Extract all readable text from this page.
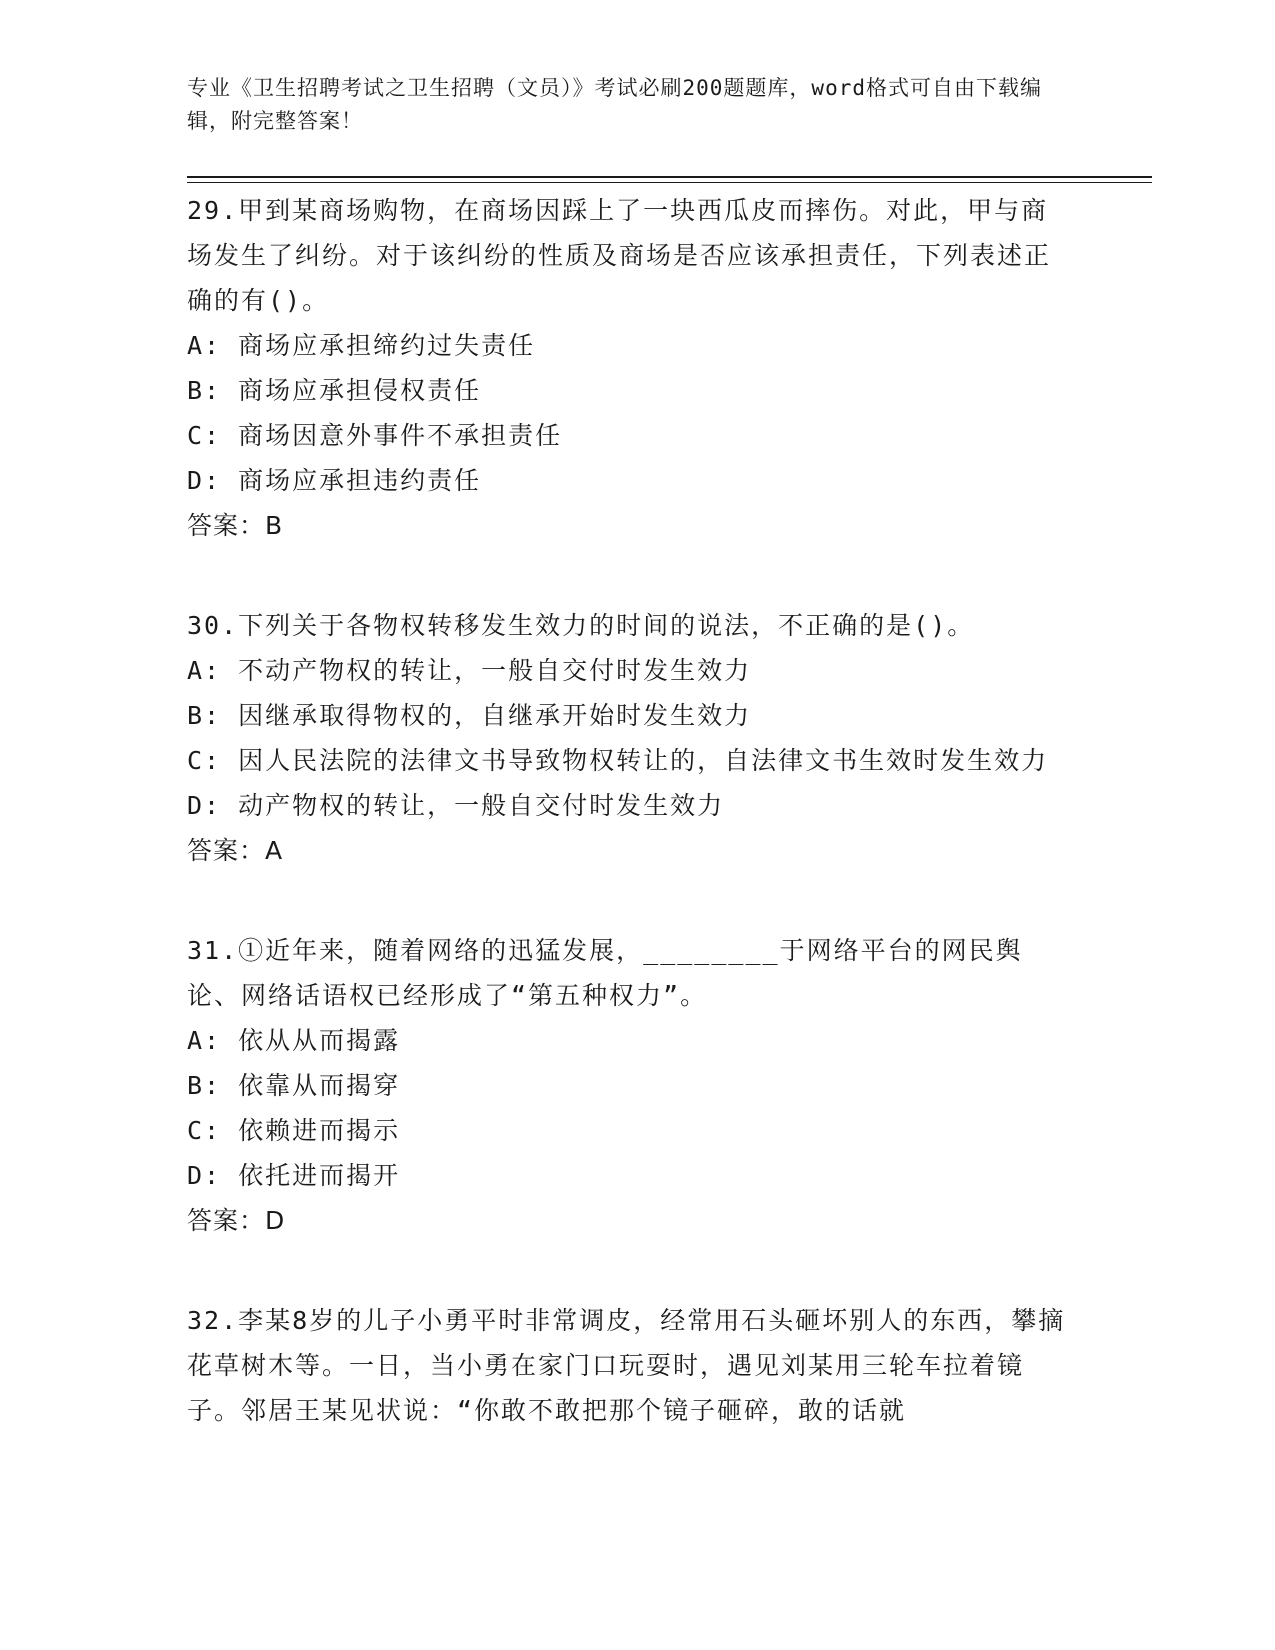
专业《卫生招聘考试之卫生招聘（文员）》考试必刷200题题库，word格式可自由下载编辑，附完整答案！

29.甲到某商场购物，在商场因踩上了一块西瓜皮而摔伤。对此，甲与商场发生了纠纷。对于该纠纷的性质及商场是否应该承担责任，下列表述正确的有()。

A: 商场应承担缔约过失责任

B: 商场应承担侵权责任

C: 商场因意外事件不承担责任

D: 商场应承担违约责任

答案：B

30.下列关于各物权转移发生效力的时间的说法，不正确的是()。

A: 不动产物权的转让，一般自交付时发生效力

B: 因继承取得物权的，自继承开始时发生效力

C: 因人民法院的法律文书导致物权转让的，自法律文书生效时发生效力

D: 动产物权的转让，一般自交付时发生效力

答案：A

31.①近年来，随着网络的迅猛发展，________于网络平台的网民舆论、网络话语权已经形成了“第五种权力”。

A: 依从从而揭露

B: 依靠从而揭穿

C: 依赖进而揭示

D: 依托进而揭开

答案：D

32.李某8岁的儿子小勇平时非常调皮，经常用石头砸坏别人的东西，攀摘花草树木等。一日，当小勇在家门口玩耍时，遇见刘某用三轮车拉着镜子。邻居王某见状说：“你敢不敢把那个镜子砸碎，敢的话就
